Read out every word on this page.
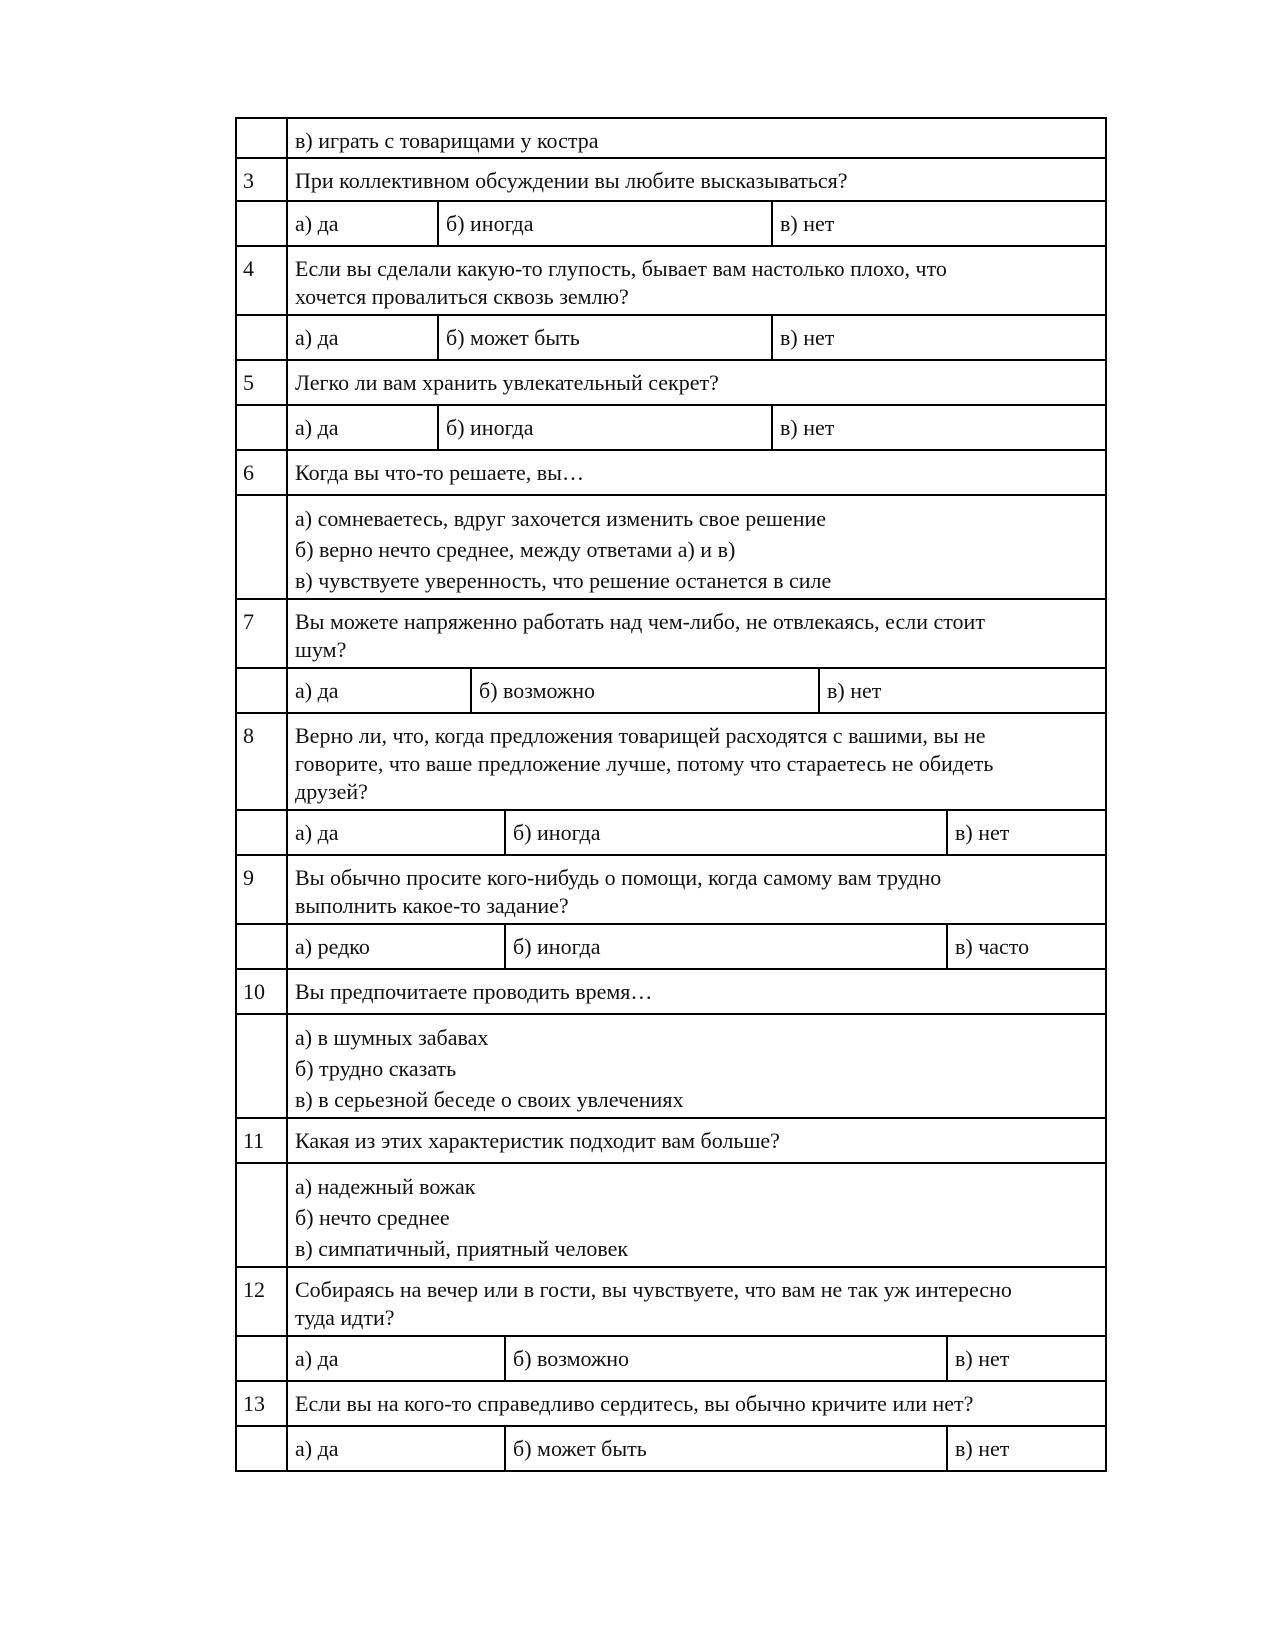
в) играть с товарищами у костра
3	При коллективном обсуждении вы любите высказываться?
а) да	б) иногда	в) нет
4	Если вы сделали какую-то глупость, бывает вам настолько плохо, что
хочется провалиться сквозь землю?
а) да	б) может быть	в) нет
5	Легко ли вам хранить увлекательный секрет?
а) да	б) иногда	в) нет
6	Когда вы что-то решаете, вы…
а) сомневаетесь, вдруг захочется изменить свое решение
б) верно нечто среднее, между ответами а) и в)
в) чувствуете уверенность, что решение останется в силе
7	Вы можете напряженно работать над чем-либо, не отвлекаясь, если стоит
шум?
а) да	б) возможно	в) нет
8	Верно ли, что, когда предложения товарищей расходятся с вашими, вы не
говорите, что ваше предложение лучше, потому что стараетесь не обидеть
друзей?
а) да	б) иногда	в) нет
9	Вы обычно просите кого-нибудь о помощи, когда самому вам трудно
выполнить какое-то задание?
а) редко	б) иногда	в) часто
10	Вы предпочитаете проводить время…
а) в шумных забавах
б) трудно сказать
в) в серьезной беседе о своих увлечениях
11	Какая из этих характеристик подходит вам больше?
а) надежный вожак
б) нечто среднее
в) симпатичный, приятный человек
12	Собираясь на вечер или в гости, вы чувствуете, что вам не так уж интересно
туда идти?
а) да	б) возможно	в) нет
13	Если вы на кого-то справедливо сердитесь, вы обычно кричите или нет?
а) да	б) может быть	в) нет
